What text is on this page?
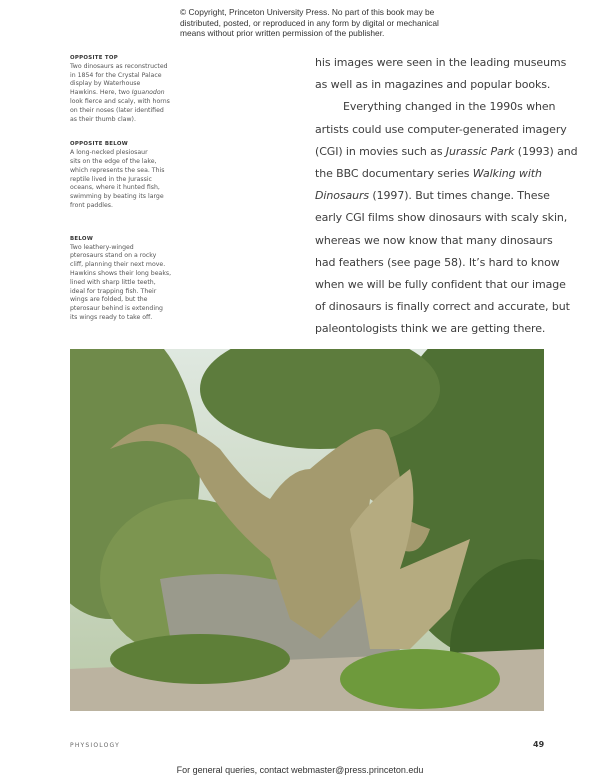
© Copyright, Princeton University Press. No part of this book may be
distributed, posted, or reproduced in any form by digital or mechanical
means without prior written permission of the publisher.
OPPOSITE TOP
Two dinosaurs as reconstructed
in 1854 for the Crystal Palace
display by Waterhouse
Hawkins. Here, two Iguanodon
look fierce and scaly, with horns
on their noses (later identified
as their thumb claw).
OPPOSITE BELOW
A long-necked plesiosaur
sits on the edge of the lake,
which represents the sea. This
reptile lived in the Jurassic
oceans, where it hunted fish,
swimming by beating its large
front paddles.
BELOW
Two leathery-winged
pterosaurs stand on a rocky
cliff, planning their next move.
Hawkins shows their long beaks,
lined with sharp little teeth,
ideal for trapping fish. Their
wings are folded, but the
pterosaur behind is extending
its wings ready to take off.
his images were seen in the leading museums
as well as in magazines and popular books.
Everything changed in the 1990s when
artists could use computer-generated imagery
(CGI) in movies such as Jurassic Park (1993) and
the BBC documentary series Walking with
Dinosaurs (1997). But times change. These
early CGI films show dinosaurs with scaly skin,
whereas we now know that many dinosaurs
had feathers (see page 58). It’s hard to know
when we will be fully confident that our image
of dinosaurs is finally correct and accurate, but
paleontologists think we are getting there.
PHYSIOLOGY	49
For general queries, contact webmaster@press.princeton.edu
